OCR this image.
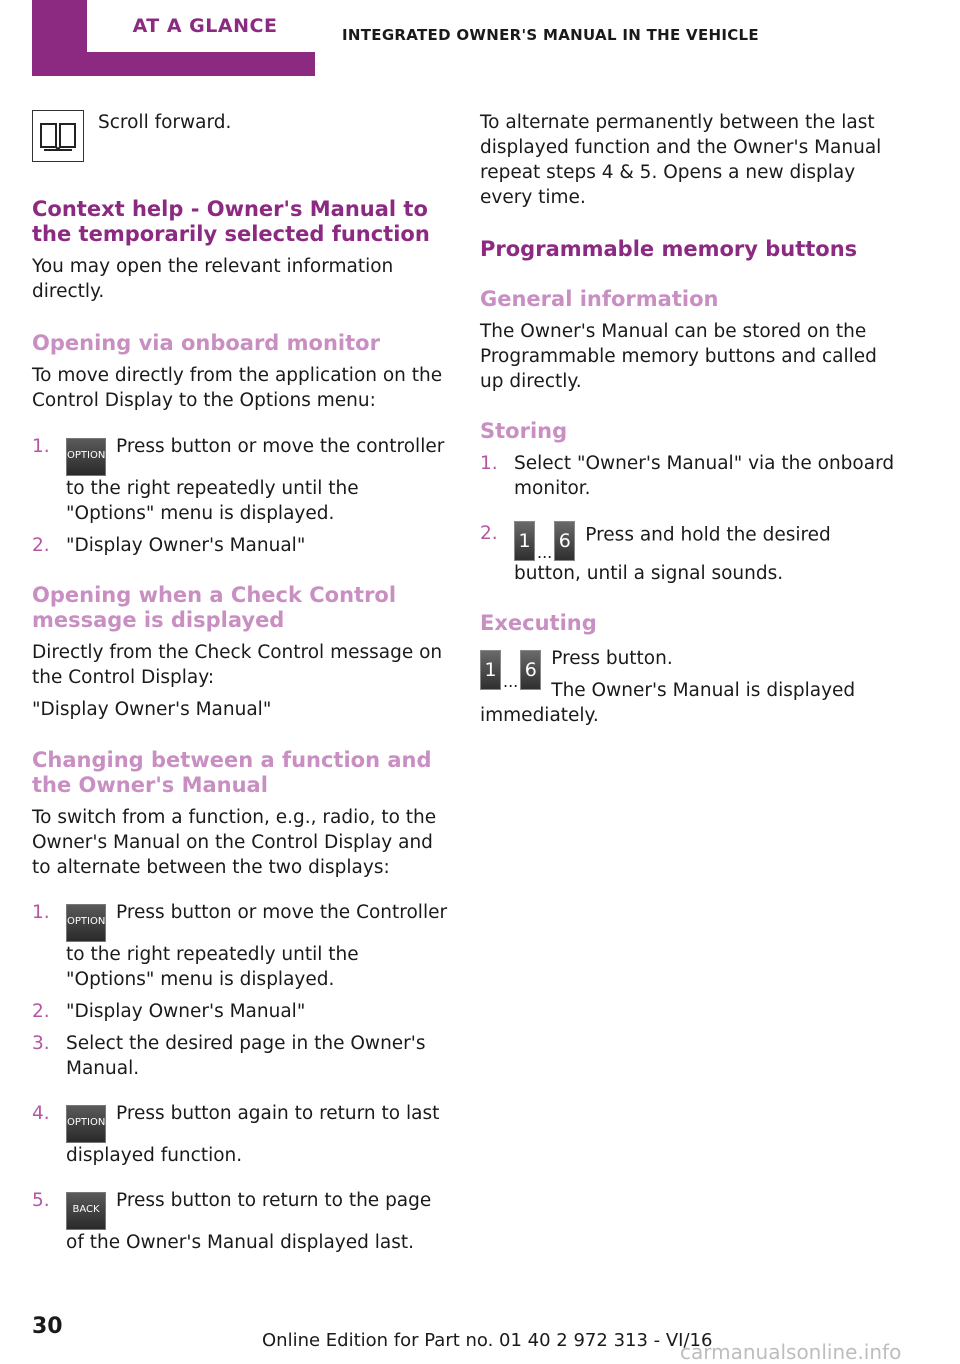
AT A GLANCE	INTEGRATED OWNER'S MANUAL IN THE VEHICLE

Scroll forward.

Context help - Owner's Manual to the temporarily selected function

You may open the relevant information directly.

Opening via onboard monitor

To move directly from the application on the Control Display to the Options menu:

1. OPTION Press button or move the controller to the right repeatedly until the "Options" menu is displayed.
2. "Display Owner's Manual"
Opening when a Check Control message is displayed

Directly from the Check Control message on the Control Display:

"Display Owner's Manual"

Changing between a function and the Owner's Manual

To switch from a function, e.g., radio, to the Owner's Manual on the Control Display and to alternate between the two displays:

1. OPTION Press button or move the Controller to the right repeatedly until the "Options" menu is displayed.
2. "Display Owner's Manual"
3. Select the desired page in the Owner's Manual.
4. OPTION Press button again to return to last displayed function.
5. BACK Press button to return to the page of the Owner's Manual displayed last.

To alternate permanently between the last displayed function and the Owner's Manual repeat steps 4 & 5. Opens a new display every time.

Programmable memory buttons
General information

The Owner's Manual can be stored on the Programmable memory buttons and called up directly.

Storing
1. Select "Owner's Manual" via the onboard monitor.
2. 1
...
6 Press and hold the desired button, until a signal sounds.
Executing
1
...
6 Press button.

The Owner's Manual is displayed immediately.

30
Online Edition for Part no. 01 40 2 972 313 - VI/16
carmanualsonline.info
